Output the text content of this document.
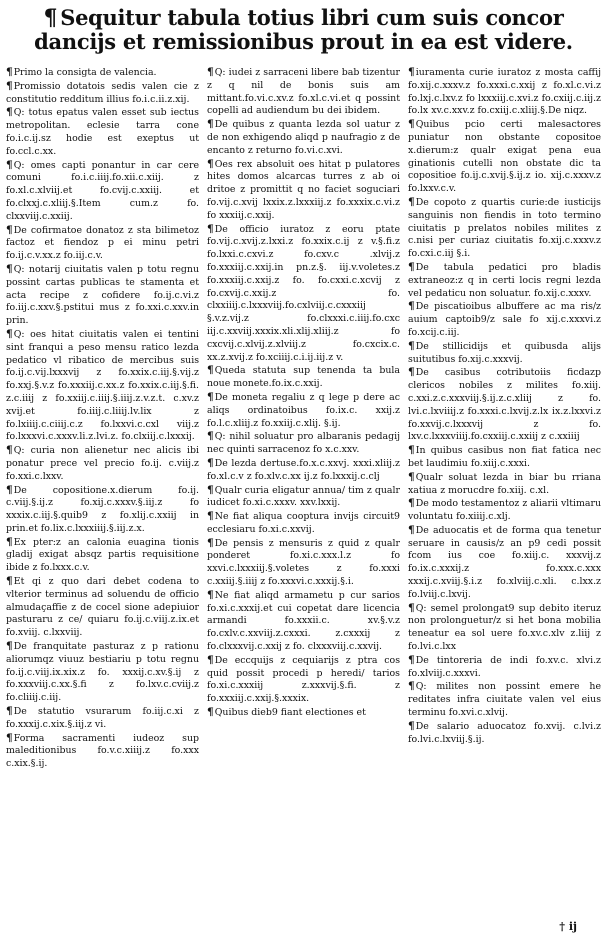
¶ Sequitur tabula totius libri cum suis concor dancijs et remissionibus prout in ea est videre.
¶Primo la consigta de valencia.
¶Promissio dotatois sedis valen cie z constitutio redditum illius fo.i.c.ii.z.xij.
¶Q: totus epatus valen esset sub iectus metropolitan. eclesie tarra cone fo.i.c.ij.sz hodie est exeptus ut fo.ccl.c.xx.
¶Q: omes capti ponantur in car cere comuni fo.i.c.iiij.fo.xii.c.xiij. z fo.xl.c.xlviij.et fo.cvij.c.xxiij. et fo.clxxj.c.xliij.§.Item cum.z fo. clxxviij.c.xxiij.
¶De cofirmatoe donatoz z sta bilimetoz factoz et fiendoz p ei minu petri fo.ij.c.v.xx.z fo.iij.c.v.
¶Q: notarij ciuitatis valen p totu regnu possint cartas publicas te stamenta et acta recipe z cofidere fo.ij.c.vi.z fo.iij.c.xxv.§.pstitui mus z fo.xxi.c.xxv.in prin.
¶Q: oes hitat ciuitatis valen ei tentini sint franqui a peso mensu ratico lezda pedatico vl ribatico de mercibus suis fo.ij.c.vij.lxxxvij z fo.xxix.c.iij.§.vij.z fo.xxj.§.v.z fo.xxxiij.c.xx.z fo.xxix.c.iij.§.fi. z.c.iiij z fo.xxiij.c.iiij.§.iiij.z.v.z.t. c.xv.z xvij.et fo.iiij.c.liiij.lv.lix z fo.lxiiij.c.ciiij.c.z fo.lxxvi.c.cxl viij.z fo.lxxxvi.c.xxxv.li.z.lvi.z. fo.clxiij.c.lxxxij.
¶Q: curia non alienetur nec alicis ibi ponatur prece vel precio fo.ij. c.viij.z fo.xxi.c.lxxv.
¶De copositione.x.dierum fo.ij. c.viij.§.ij.z fo.xij.c.xxxv.§.iij.z fo xxxix.c.iij.§.quib9 z fo.xlij.c.xxiij in prin.et fo.lix.c.lxxxiiij.§.iij.z.x.
¶Ex pter:z an calonia euagina tionis gladij exigat absqz partis requisitione ibide z fo.lxxx.c.v.
¶Et qi z quo dari debet codena to vlterior terminus ad soluendu de officio almudaçaffie z de cocel sione adepiuior pasturaru z ce/ quiaru fo.ij.c.viij.z.ix.et fo.xviij. c.lxxviij.
¶De franquitate pasturaz z p rationu aliorumqz viuuz bestiariu p totu regnu fo.ij.c.viij.ix.xix.z fo. xxxij.c.xv.§.ij z fo.xxxviij.c.xx.§.fi z fo.lxv.c.cviij.z fo.cliiij.c.iij.
¶De statutio vsurarum fo.iij.c.xi z fo.xxxij.c.xix.§.iij.z vi.
¶Forma sacramenti iudeoz sup maleditionibus fo.v.c.xiiij.z fo.xxx c.xix.§.ij.
¶Q: iudei z sarraceni libere bab tizentur z q nil de bonis suis am mittant.fo.vi.c.xv.z fo.xl.c.vi.et q possint copelli ad audiendum bu dei ibidem.
¶De quibus z quanta lezda sol uatur z de non exhigendo aliqd p naufragio z de encanto z returno fo.vi.c.xvi.
¶Oes rex absoluit oes hitat p pulatores hites domos alcarcas turres z ab oi dritoe z promittit q no faciet soguciari fo.vij.c.xvij lxxix.z.lxxxiij.z fo.xxxix.c.vi.z fo xxxiij.c.xxij.
¶De officio iuratoz z eoru ptate fo.vij.c.xvij.z.lxxi.z fo.xxix.c.ij z v.§.fi.z fo.lxxi.c.cxvi.z fo.cxv.c .xlvij.z fo.xxxiij.c.xxij.in pn.z.§. iij.v.voletes.z fo.xxxiij.c.xxij.z fo. fo.cxxi.c.xcvij z fo.cxvij.c.xxij.z fo. clxxiiij.c.lxxxviij.fo.cxlviij.c.cxxxiij §.v.z.vij.z fo.clxxxi.c.iiij.fo.cxc iij.c.xxviij.xxxix.xli.xlij.xliij.z fo cxcvij.c.xlvij.z.xlviij.z fo.cxcix.c. xx.z.xvij.z fo.xciiij.c.i.ij.iij.z v.
¶Queda statuta sup tenenda ta bula noue monete.fo.ix.c.xxij.
¶De moneta regaliu z q lege p dere ac aliqs ordinatoibus fo.ix.c. xxij.z fo.l.c.xliij.z fo.xxiij.c.xlij. §.ij.
¶Q: nihil soluatur pro albaranis pedagij nec quinti sarracenoz fo x.c.xxv.
¶De lezda dertuse.fo.x.c.xxvj. xxxi.xliij.z fo.xl.c.v z fo.xlv.c.xx ij.z fo.lxxxij.c.clj
¶Qualr curia eligatur annua/ tim z qualr iudicet fo.xi.c.xxxv. xxv.lxxij.
¶Ne fiat aliqua cooptura invijs circuit9 ecclesiaru fo.xi.c.xxvij.
¶De pensis z mensuris z quid z qualr ponderet fo.xi.c.xxx.l.z fo xxvi.c.lxxxiij.§.voletes z fo.xxxi c.xxiij.§.iiij z fo.xxxvi.c.xxxij.§.i.
¶Ne fiat aliqd armametu p cur sarios fo.xi.c.xxxij.et cui copetat dare licencia armandi fo.xxxii.c. xv.§.v.z fo.cxlv.c.xxviij.z.cxxxi. z.cxxxij z fo.clxxxvij.c.xxij z fo. clxxxviij.c.xxvij.
¶De eccquijs z cequiarijs z ptra cos quid possit procedi p heredi/ tarios fo.xi.c.xxxiij z.xxxvij.§.fi. z fo.xxxiij.c.xxij.§.xxxix.
¶Quibus dieb9 fiant electiones et
¶iuramenta curie iuratoz z mosta caffij fo.xij.c.xxxv.z fo.xxxi.c.xxij z fo.xl.c.vi.z fo.lxj.c.lxv.z fo lxxxiij.c.xvi.z fo.cxiij.c.iij.z fo.lx xv.c.xxv.z fo.cxiij.c.xliij.§.De niqz.
¶Quibus pcio certi malesactores puniatur non obstante copositoe x.dierum:z qualr exigat pena eua ginationis cutelli non obstate dic ta copositioe fo.ij.c.xvij.§.ij.z io. xij.c.xxxv.z fo.lxxv.c.v.
¶De copoto z quartis curie:de iusticijs sanguinis non fiendis in toto termino ciuitatis p prelatos nobiles milites z c.nisi per curiaz ciuitatis fo.xij.c.xxxv.z fo.cxi.c.iij §.i.
¶De tabula pedatici pro bladis extraneoz:z q in certi locis regni lezda vel pedaticu non soluatur. fo.xij.c.xxxv.
¶De piscatioibus albuffere ac ma ris/z auium captoib9/z sale fo xij.c.xxxvi.z fo.xcij.c.iij.
¶De stillicidijs et quibusda alijs suitutibus fo.xij.c.xxxvij.
¶De casibus cotributoiis ficdazp clericos nobiles z milites fo.xiij. c.xxi.z.c.xxxviij.§.ij.z.c.xliij z fo. lvi.c.lxviiij.z fo.xxxi.c.lxvij.z.lx ix.z.lxxvi.z fo.xxvij.c.lxxxvij z fo. lxv.c.lxxxviiij.fo.cxxiij.c.xxiij z c.xxiiij
¶In quibus casibus non fiat fatica nec bet laudimiu fo.xiij.c.xxxi.
¶Qualr soluat lezda in biar bu rriana xatiua z morucdre fo.xiij. c.xl.
¶De modo testamentoz z aliarii vltimaru voluntatu fo.xiiij.c.xlj.
¶De aduocatis et de forma qua tenetur seruare in causis/z an p9 cedi possit fcom ius coe fo.xiij.c. xxxvij.z fo.ix.c.xxxij.z fo.xxx.c.xxx xxxij.c.xviij.§.i.z fo.xlviij.c.xli. c.lxx.z fo.lviij.c.lxvij.
¶Q: semel prolongat9 sup debito iteruz non prolonguetur/z si het bona mobilia teneatur ea sol uere fo.xv.c.xlv z.liij z fo.lvi.c.lxx
¶De tintoreria de indi fo.xv.c. xlvi.z fo.xlviij.c.xxxvi.
¶Q: milites non possint emere he reditates infra ciuitate valen vel eius terminu fo.xvi.c.xlvij.
¶De salario aduocatoz fo.xvij. c.lvi.z fo.lvi.c.lxviij.§.ij.
† ij
